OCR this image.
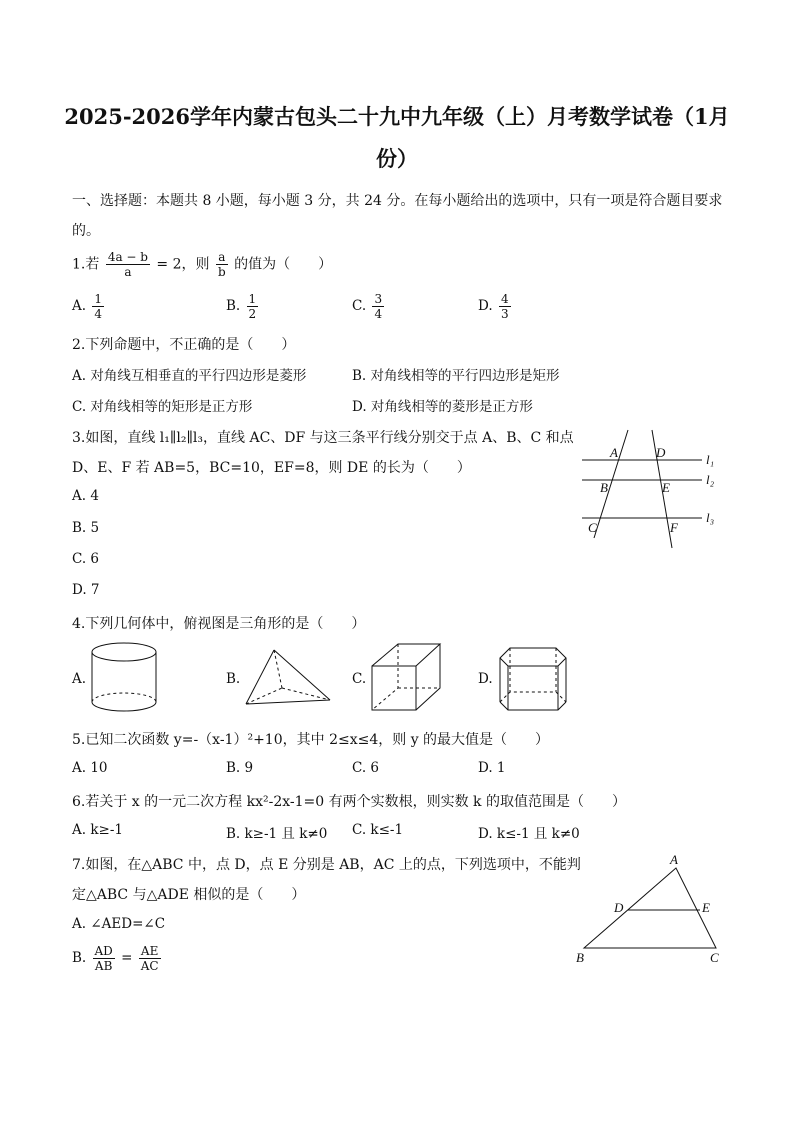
2025-2026学年内蒙古包头二十九中九年级（上）月考数学试卷（1月
份）
一、选择题：本题共 8 小题，每小题 3 分，共 24 分。在每小题给出的选项中，只有一项是符合题目要求的。
1.若 $\frac{4a - b}{a} = 2$，则 $\frac{a}{b}$ 的值为（　　）
A. $\frac{1}{4}$	B. $\frac{1}{2}$	C. $\frac{3}{4}$	D. $\frac{4}{3}$
2.下列命题中，不正确的是（　　）
A. 对角线互相垂直的平行四边形是菱形	B. 对角线相等的平行四边形是矩形
C. 对角线相等的矩形是正方形	D. 对角线相等的菱形是正方形
3.如图，直线 l₁∥l₂∥l₃，直线 AC、DF 与这三条平行线分别交于点 A、B、C 和点
D、E、F 若 AB=5，BC=10，EF=8，则 DE 的长为（　　）
A. 4
B. 5
C. 6
D. 7
A	D
B	E
C	F
l₁
l₂
l₃
4.下列几何体中，俯视图是三角形的是（　　）
A.	B.	C.	D.
5.已知二次函数 y=-（x-1）²+10，其中 2≤x≤4，则 y 的最大值是（　　）
A. 10	B. 9	C. 6	D. 1
6.若关于 x 的一元二次方程 kx²-2x-1=0 有两个实数根，则实数 k 的取值范围是（　　）
A. k≥-1	B. k≥-1 且 k≠0 C. k≤-1	D. k≤-1 且 k≠0
7.如图，在△ABC 中，点 D，点 E 分别是 AB，AC 上的点，下列选项中，不能判
定△ABC 与△ADE 相似的是（　　）
A. ∠AED=∠C
B. $\frac{AD}{AB} = \frac{AE}{AC}$
A
D	E
B	C
